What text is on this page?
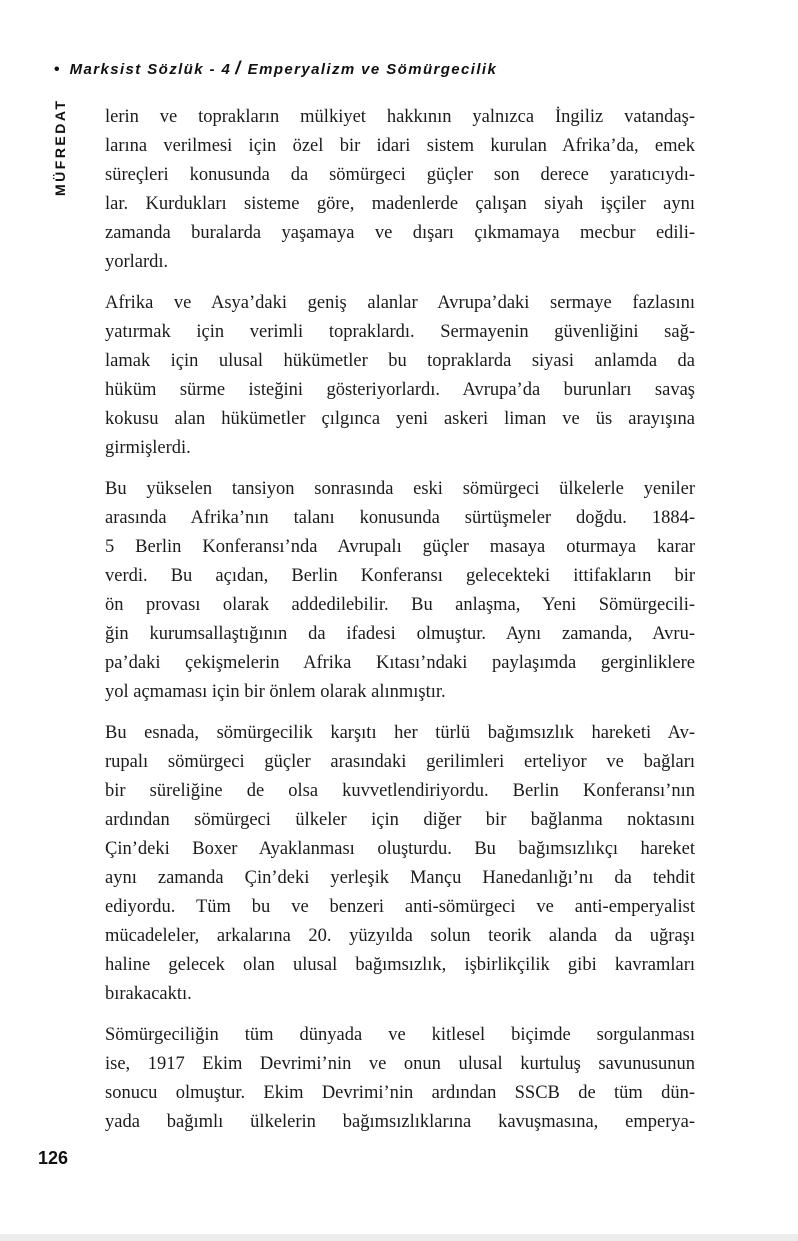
• Marksist Sözlük - 4 / Emperyalizm ve Sömürgecilik
MÜFREDAT lerin ve toprakların mülkiyet hakkının yalnızca İngiliz vatandaş-
larına verilmesi için özel bir idari sistem kurulan Afrika’da, emek
süreçleri konusunda da sömürgeci güçler son derece yaratıcıydı-
lar. Kurdukları sisteme göre, madenlerde çalışan siyah işçiler aynı
zamanda buralarda yaşamaya ve dışarı çıkmamaya mecbur edili-
yorlardı.
Afrika ve Asya’daki geniş alanlar Avrupa’daki sermaye fazlasını
yatırmak için verimli topraklardı. Sermayenin güvenliğini sağ-
lamak için ulusal hükümetler bu topraklarda siyasi anlamda da
hüküm sürme isteğini gösteriyorlardı. Avrupa’da burunları savaş
kokusu alan hükümetler çılgınca yeni askeri liman ve üs arayışına
girmişlerdi.
Bu yükselen tansiyon sonrasında eski sömürgeci ülkelerle yeniler
arasında Afrika’nın talanı konusunda sürtüşmeler doğdu. 1884-
5 Berlin Konferansı’nda Avrupalı güçler masaya oturmaya karar
verdi. Bu açıdan, Berlin Konferansı gelecekteki ittifakların bir
ön provası olarak addedilebilir. Bu anlaşma, Yeni Sömürgecili-
ğin kurumsallaştığının da ifadesi olmuştur. Aynı zamanda, Avru-
pa’daki çekişmelerin Afrika Kıtası’ndaki paylaşımda gerginliklere
yol açmaması için bir önlem olarak alınmıştır.
Bu esnada, sömürgecilik karşıtı her türlü bağımsızlık hareketi Av-
rupalı sömürgeci güçler arasındaki gerilimleri erteliyor ve bağları
bir süreliğine de olsa kuvvetlendiriyordu. Berlin Konferansı’nın
ardından sömürgeci ülkeler için diğer bir bağlanma noktasını
Çin’deki Boxer Ayaklanması oluşturdu. Bu bağımsızlıkçı hareket
aynı zamanda Çin’deki yerleşik Mançu Hanedanlığı’nı da tehdit
ediyordu. Tüm bu ve benzeri anti-sömürgeci ve anti-emperyalist
mücadeleler, arkalarına 20. yüzyılda solun teorik alanda da uğraşı
haline gelecek olan ulusal bağımsızlık, işbirlikçilik gibi kavramları
bırakacaktı.
Sömürgeciliğin tüm dünyada ve kitlesel biçimde sorgulanması
ise, 1917 Ekim Devrimi’nin ve onun ulusal kurtuluş savunusunun
sonucu olmuştur. Ekim Devrimi’nin ardından SSCB de tüm dün-
yada bağımlı ülkelerin bağımsızlıklarına kavuşmasına, emperya-
126
